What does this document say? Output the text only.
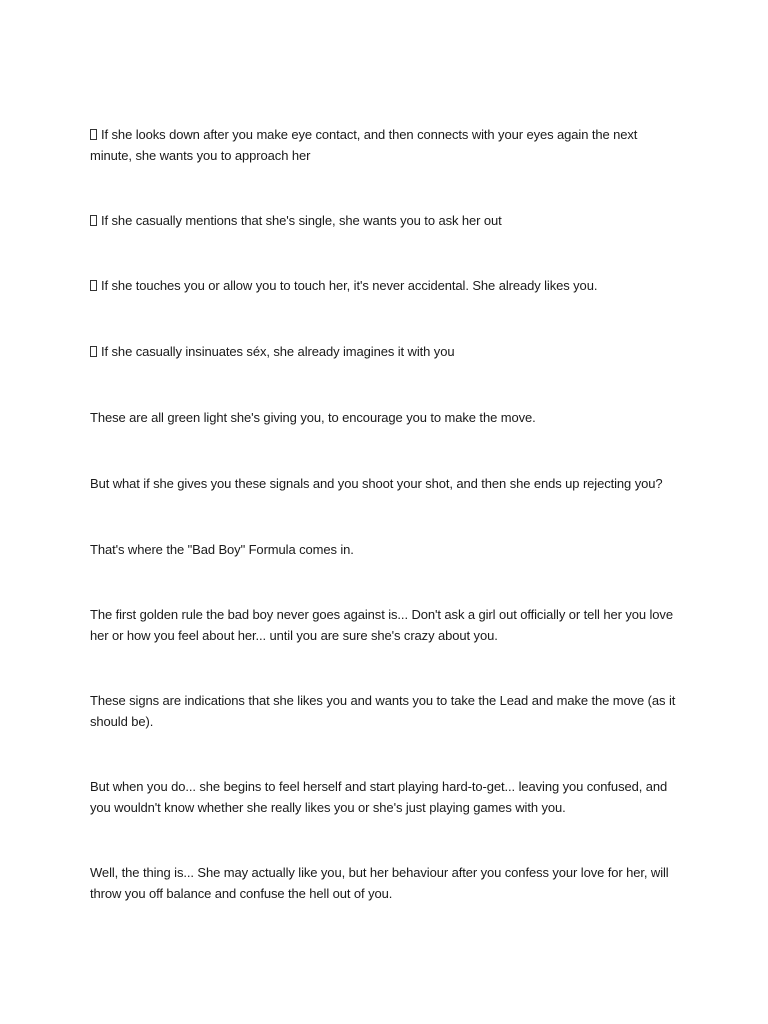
If she looks down after you make eye contact, and then connects with your eyes again the next minute, she wants you to approach her

If she casually mentions that she's single, she wants you to ask her out

If she touches you or allow you to touch her, it's never accidental. She already likes you.

If she casually insinuates séx, she already imagines it with you

These are all green light she's giving you, to encourage you to make the move.

But what if she gives you these signals and you shoot your shot, and then she ends up rejecting you?

That's where the "Bad Boy" Formula comes in.

The first golden rule the bad boy never goes against is... Don't ask a girl out officially or tell her you love her or how you feel about her... until you are sure she's crazy about you.

These signs are indications that she likes you and wants you to take the Lead and make the move (as it should be).

But when you do... she begins to feel herself and start playing hard-to-get... leaving you confused, and you wouldn't know whether she really likes you or she's just playing games with you.

Well, the thing is... She may actually like you, but her behaviour after you confess your love for her, will throw you off balance and confuse the hell out of you.
